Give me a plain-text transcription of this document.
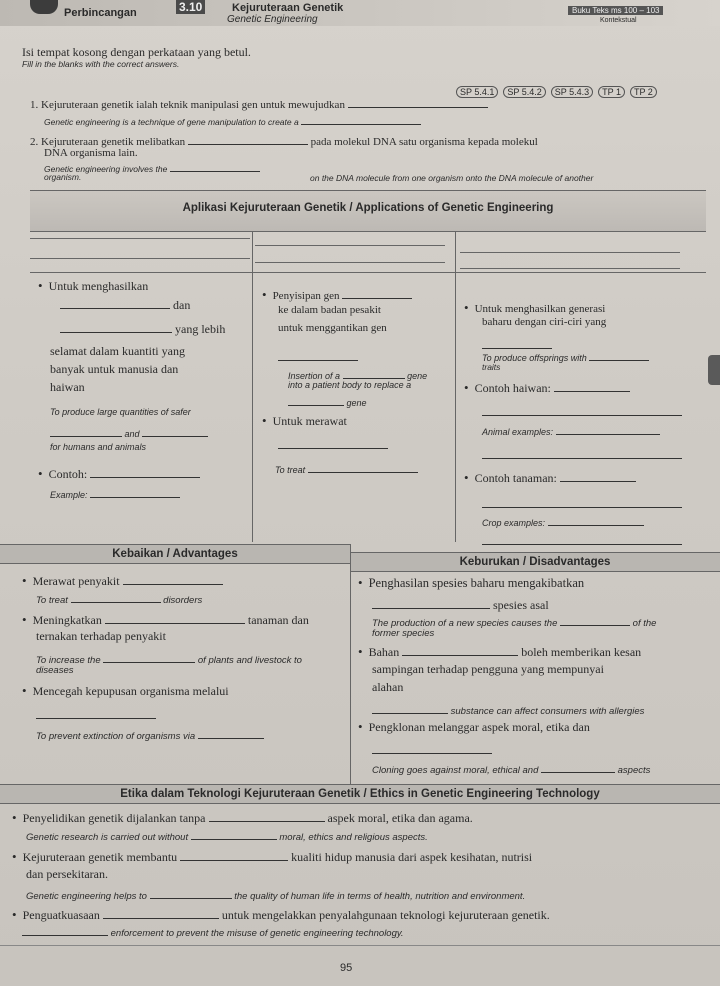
Perbincangan	3.10	Kejuruteraan Genetik
Genetic Engineering
Buku Teks ms 100 – 103
Kontekstual
Isi tempat kosong dengan perkataan yang betul.
Fill in the blanks with the correct answers.
SP 5.4.1 SP 5.4.2 SP 5.4.3 TP 1 TP 2
1. Kejuruteraan genetik ialah teknik manipulasi gen untuk mewujudkan
Genetic engineering is a technique of gene manipulation to create a
2. Kejuruteraan genetik melibatkan	pada molekul DNA satu organisma kepada molekul
DNA organisma lain.
Genetic engineering involves the
organism.	on the DNA molecule from one organism onto the DNA molecule of another
Aplikasi Kejuruteraan Genetik / Applications of Genetic Engineering
• Untuk menghasilkan
dan
yang lebih
selamat dalam kuantiti yang
banyak untuk manusia dan
haiwan
To produce large quantities of safer
and
for humans and animals
• Contoh:
Example:
• Penyisipan gen
ke dalam badan pesakit
untuk menggantikan gen
Insertion of a	gene
into a patient body to replace a
gene
• Untuk merawat
To treat
• Untuk menghasilkan generasi
baharu dengan ciri-ciri yang
To produce offsprings with
traits
• Contoh haiwan:
Animal examples:
• Contoh tanaman:
Crop examples:
Kebaikan / Advantages
Keburukan / Disadvantages
• Merawat penyakit
To treat	disorders
• Meningkatkan	tanaman dan
ternakan terhadap penyakit
To increase the	of plants and livestock to
diseases
• Mencegah kepupusan organisma melalui
To prevent extinction of organisms via
• Penghasilan spesies baharu mengakibatkan
spesies asal
The production of a new species causes the	of the
former species
• Bahan	boleh memberikan kesan
sampingan terhadap pengguna yang mempunyai
alahan
substance can affect consumers with allergies
• Pengklonan melanggar aspek moral, etika dan
Cloning goes against moral, ethical and	aspects
Etika dalam Teknologi Kejuruteraan Genetik / Ethics in Genetic Engineering Technology
• Penyelidikan genetik dijalankan tanpa	aspek moral, etika dan agama.
Genetic research is carried out without	moral, ethics and religious aspects.
• Kejuruteraan genetik membantu	kualiti hidup manusia dari aspek kesihatan, nutrisi
dan persekitaran.
Genetic engineering helps to	the quality of human life in terms of health, nutrition and environment.
• Penguatkuasaan	untuk mengelakkan penyalahgunaan teknologi kejuruteraan genetik.
enforcement to prevent the misuse of genetic engineering technology.
95
